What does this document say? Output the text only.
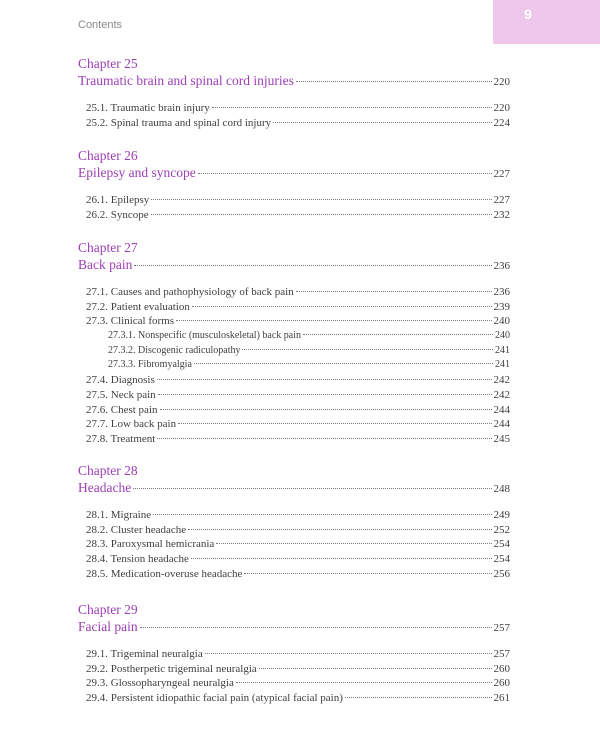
9
Contents
Chapter 25
Traumatic brain and spinal cord injuries	220
25.1. Traumatic brain injury	220
25.2. Spinal trauma and spinal cord injury	224
Chapter 26
Epilepsy and syncope	227
26.1. Epilepsy	227
26.2. Syncope	232
Chapter 27
Back pain	236
27.1. Causes and pathophysiology of back pain	236
27.2. Patient evaluation	239
27.3. Clinical forms	240
27.3.1. Nonspecific (musculoskeletal) back pain	240
27.3.2. Discogenic radiculopathy	241
27.3.3. Fibromyalgia	241
27.4. Diagnosis	242
27.5. Neck pain	242
27.6. Chest pain	244
27.7. Low back pain	244
27.8. Treatment	245
Chapter 28
Headache	248
28.1. Migraine	249
28.2. Cluster headache	252
28.3. Paroxysmal hemicrania	254
28.4. Tension headache	254
28.5. Medication-overuse headache	256
Chapter 29
Facial pain	257
29.1. Trigeminal neuralgia	257
29.2. Postherpetic trigeminal neuralgia	260
29.3. Glossopharyngeal neuralgia	260
29.4. Persistent idiopathic facial pain (atypical facial pain)	261
